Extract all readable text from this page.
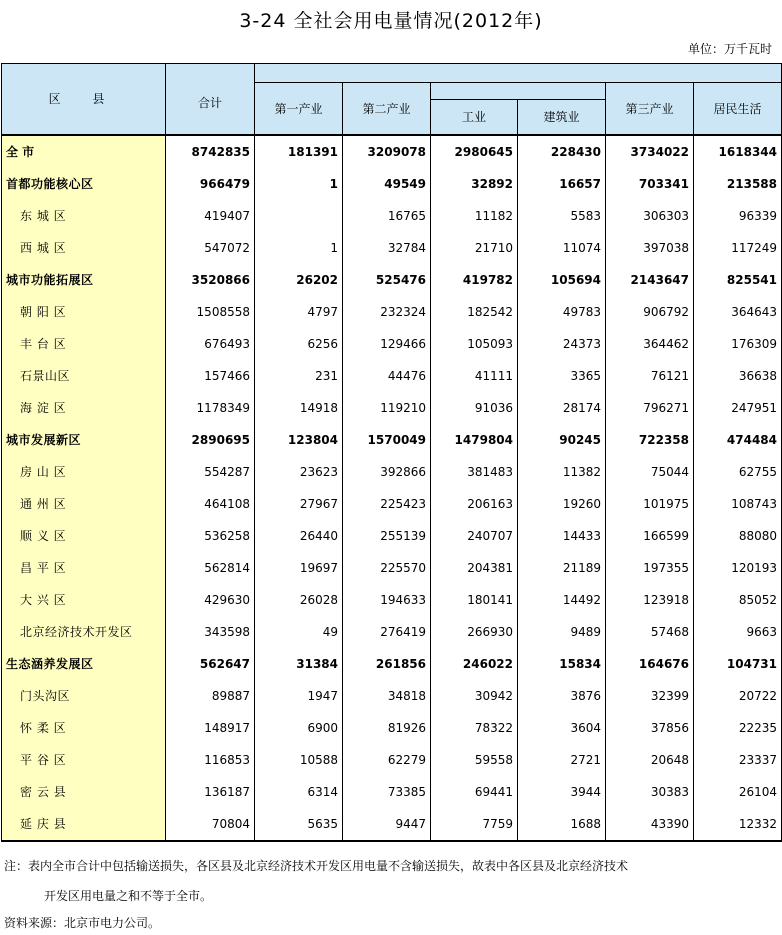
3-24 全社会用电量情况(2012年)
单位：万千瓦时
区 县	合计						
		第一产业	第二产业			第三产业	居民生活
				工业	建筑业		
全 市	8742835	181391	3209078	2980645	228430	3734022	1618344
首都功能核心区	966479	1	49549	32892	16657	703341	213588
东 城 区	419407		16765	11182	5583	306303	96339
西 城 区	547072	1	32784	21710	11074	397038	117249
城市功能拓展区	3520866	26202	525476	419782	105694	2143647	825541
朝 阳 区	1508558	4797	232324	182542	49783	906792	364643
丰 台 区	676493	6256	129466	105093	24373	364462	176309
石景山区	157466	231	44476	41111	3365	76121	36638
海 淀 区	1178349	14918	119210	91036	28174	796271	247951
城市发展新区	2890695	123804	1570049	1479804	90245	722358	474484
房 山 区	554287	23623	392866	381483	11382	75044	62755
通 州 区	464108	27967	225423	206163	19260	101975	108743
顺 义 区	536258	26440	255139	240707	14433	166599	88080
昌 平 区	562814	19697	225570	204381	21189	197355	120193
大 兴 区	429630	26028	194633	180141	14492	123918	85052
北京经济技术开发区	343598	49	276419	266930	9489	57468	9663
生态涵养发展区	562647	31384	261856	246022	15834	164676	104731
门头沟区	89887	1947	34818	30942	3876	32399	20722
怀 柔 区	148917	6900	81926	78322	3604	37856	22235
平 谷 区	116853	10588	62279	59558	2721	20648	23337
密 云 县	136187	6314	73385	69441	3944	30383	26104
延 庆 县	70804	5635	9447	7759	1688	43390	12332
注：表内全市合计中包括输送损失，各区县及北京经济技术开发区用电量不含输送损失，故表中各区县及北京经济技术
开发区用电量之和不等于全市。
资料来源：北京市电力公司。
